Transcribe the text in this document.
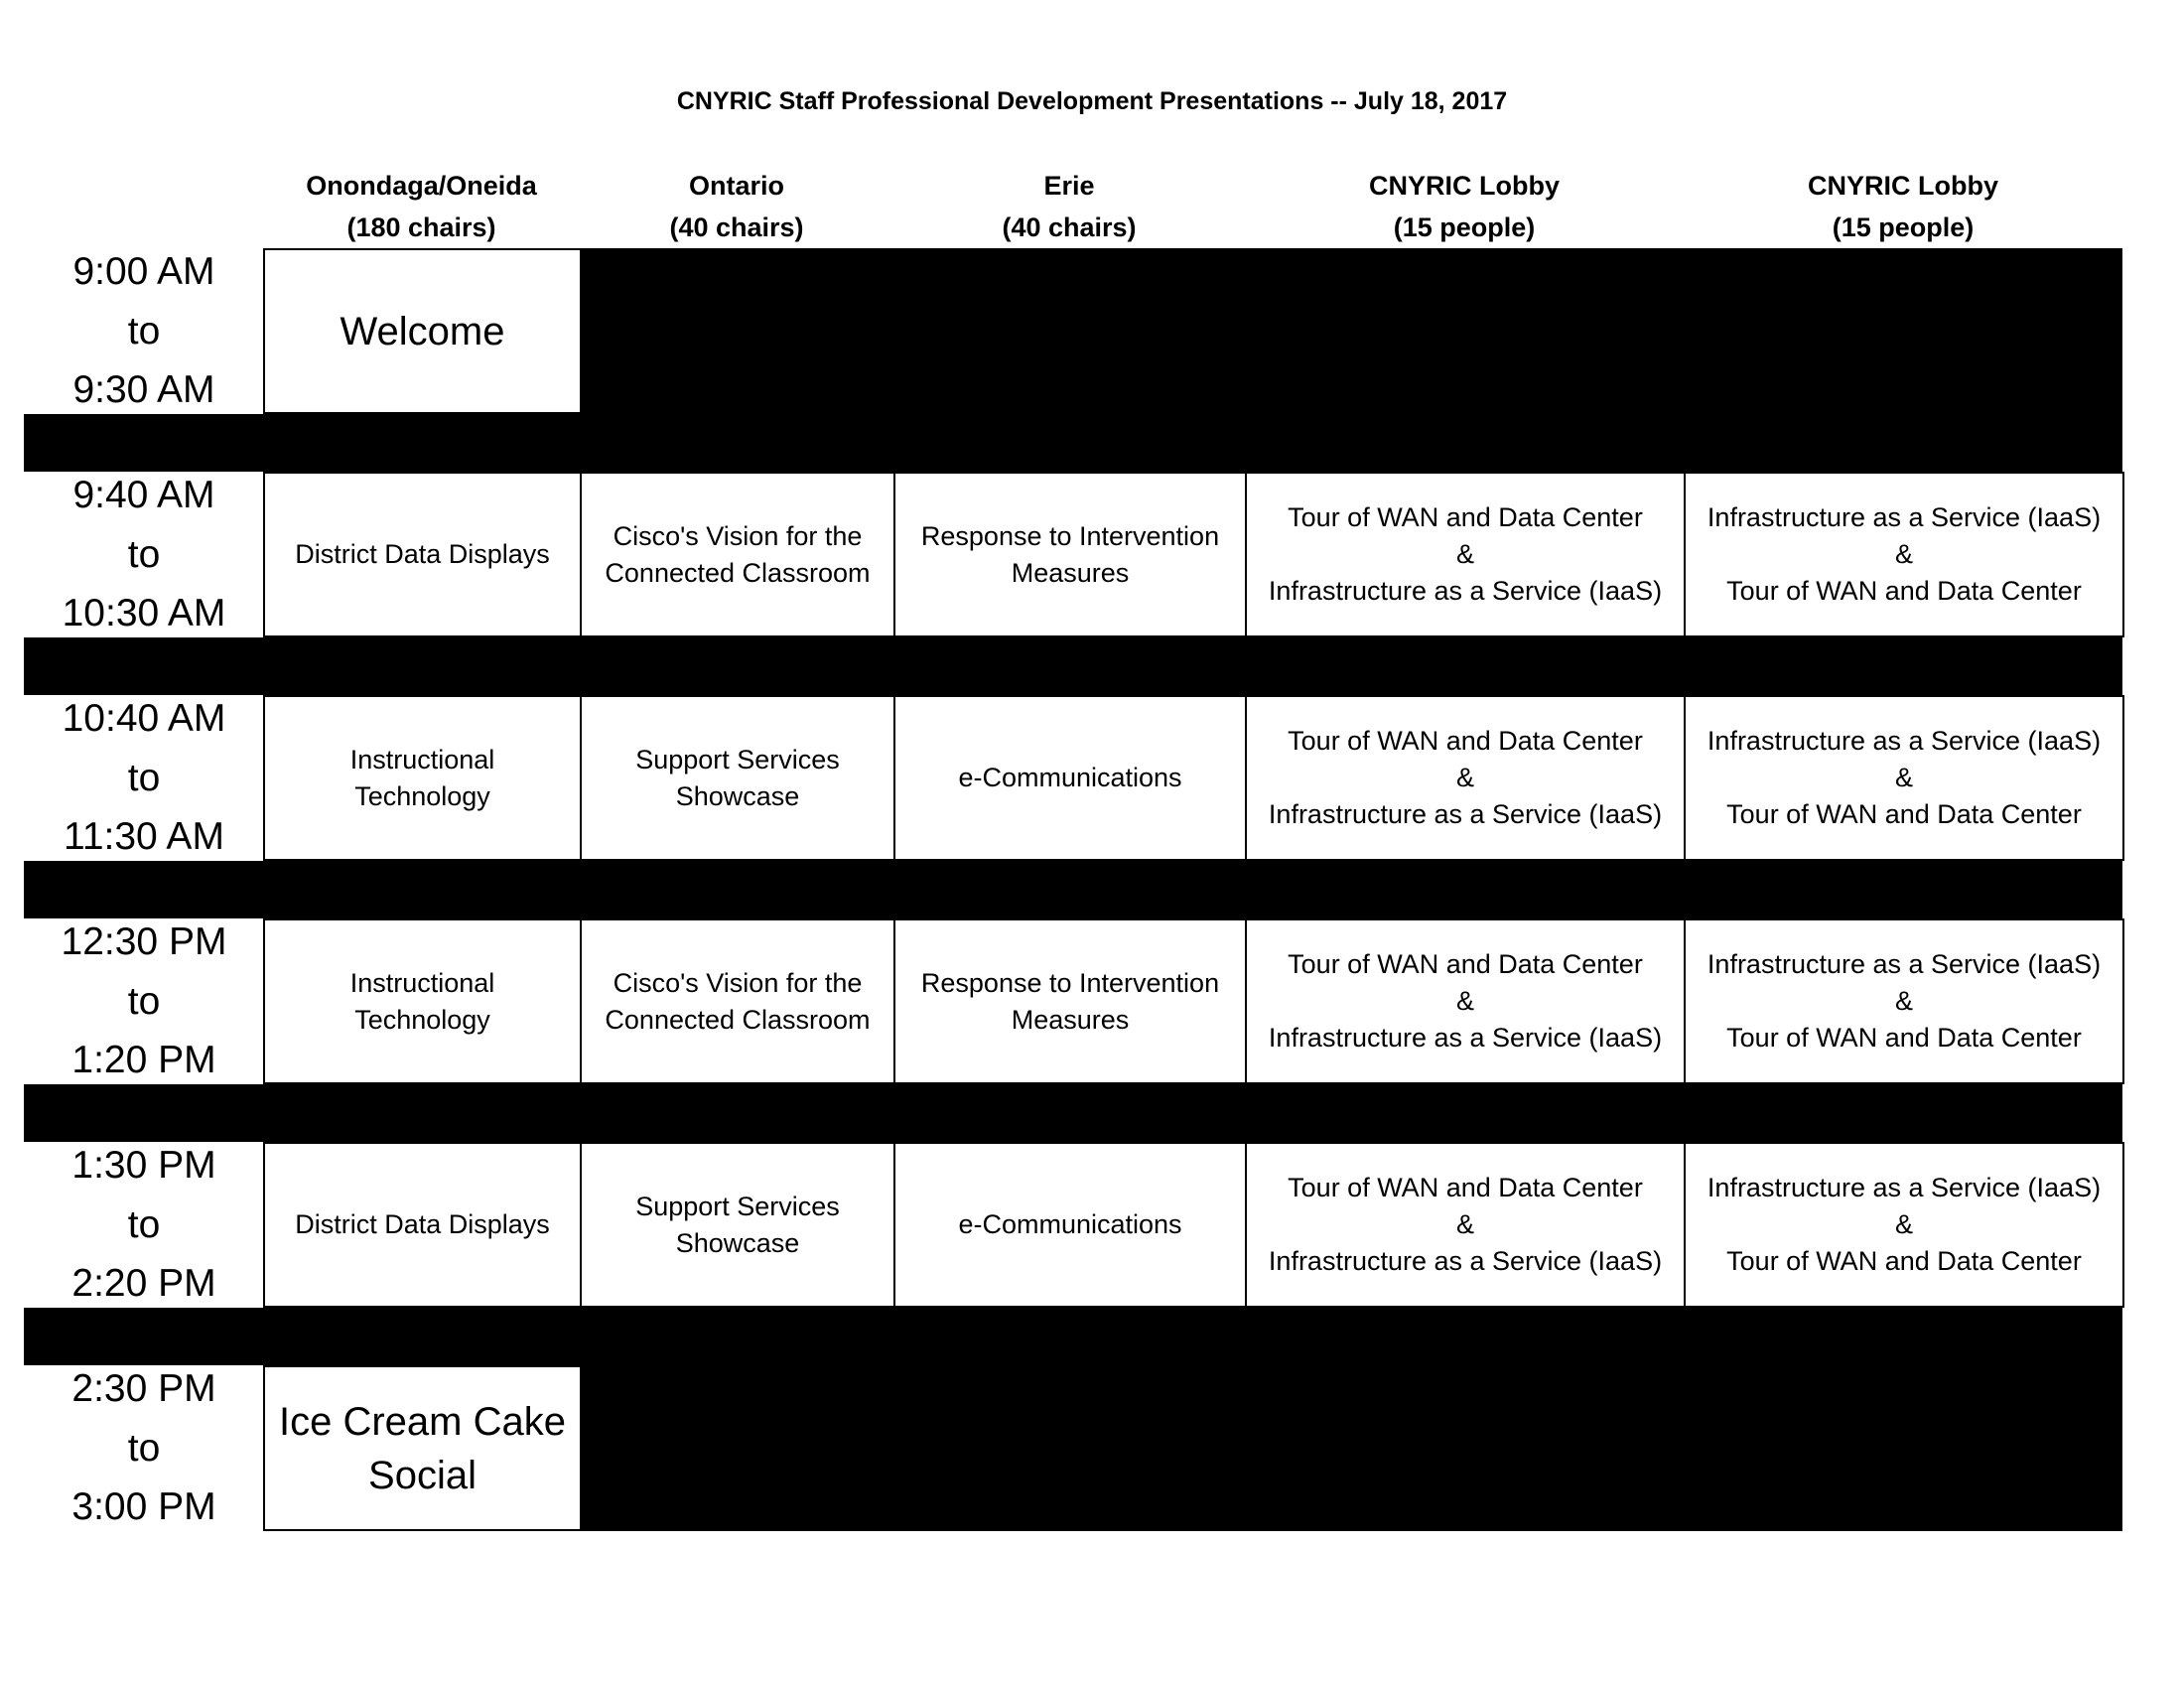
CNYRIC Staff Professional Development Presentations -- July 18, 2017
Onondaga/Oneida
(180 chairs)
Ontario
(40 chairs)
Erie
(40 chairs)
CNYRIC Lobby
(15 people)
CNYRIC Lobby
(15 people)
9:00 AM
to
9:30 AM
Welcome
9:40 AM
to
10:30 AM
District Data Displays
Cisco's Vision for the
Connected Classroom
Response to Intervention
Measures
Tour of WAN and Data Center
&
Infrastructure as a Service (IaaS)
Infrastructure as a Service (IaaS)
&
Tour of WAN and Data Center
10:40 AM
to
11:30 AM
Instructional
Technology
Support Services
Showcase
e-Communications
Tour of WAN and Data Center
&
Infrastructure as a Service (IaaS)
Infrastructure as a Service (IaaS)
&
Tour of WAN and Data Center
12:30 PM
to
1:20 PM
Instructional
Technology
Cisco's Vision for the
Connected Classroom
Response to Intervention
Measures
Tour of WAN and Data Center
&
Infrastructure as a Service (IaaS)
Infrastructure as a Service (IaaS)
&
Tour of WAN and Data Center
1:30 PM
to
2:20 PM
District Data Displays
Support Services
Showcase
e-Communications
Tour of WAN and Data Center
&
Infrastructure as a Service (IaaS)
Infrastructure as a Service (IaaS)
&
Tour of WAN and Data Center
2:30 PM
to
3:00 PM
Ice Cream Cake
Social
